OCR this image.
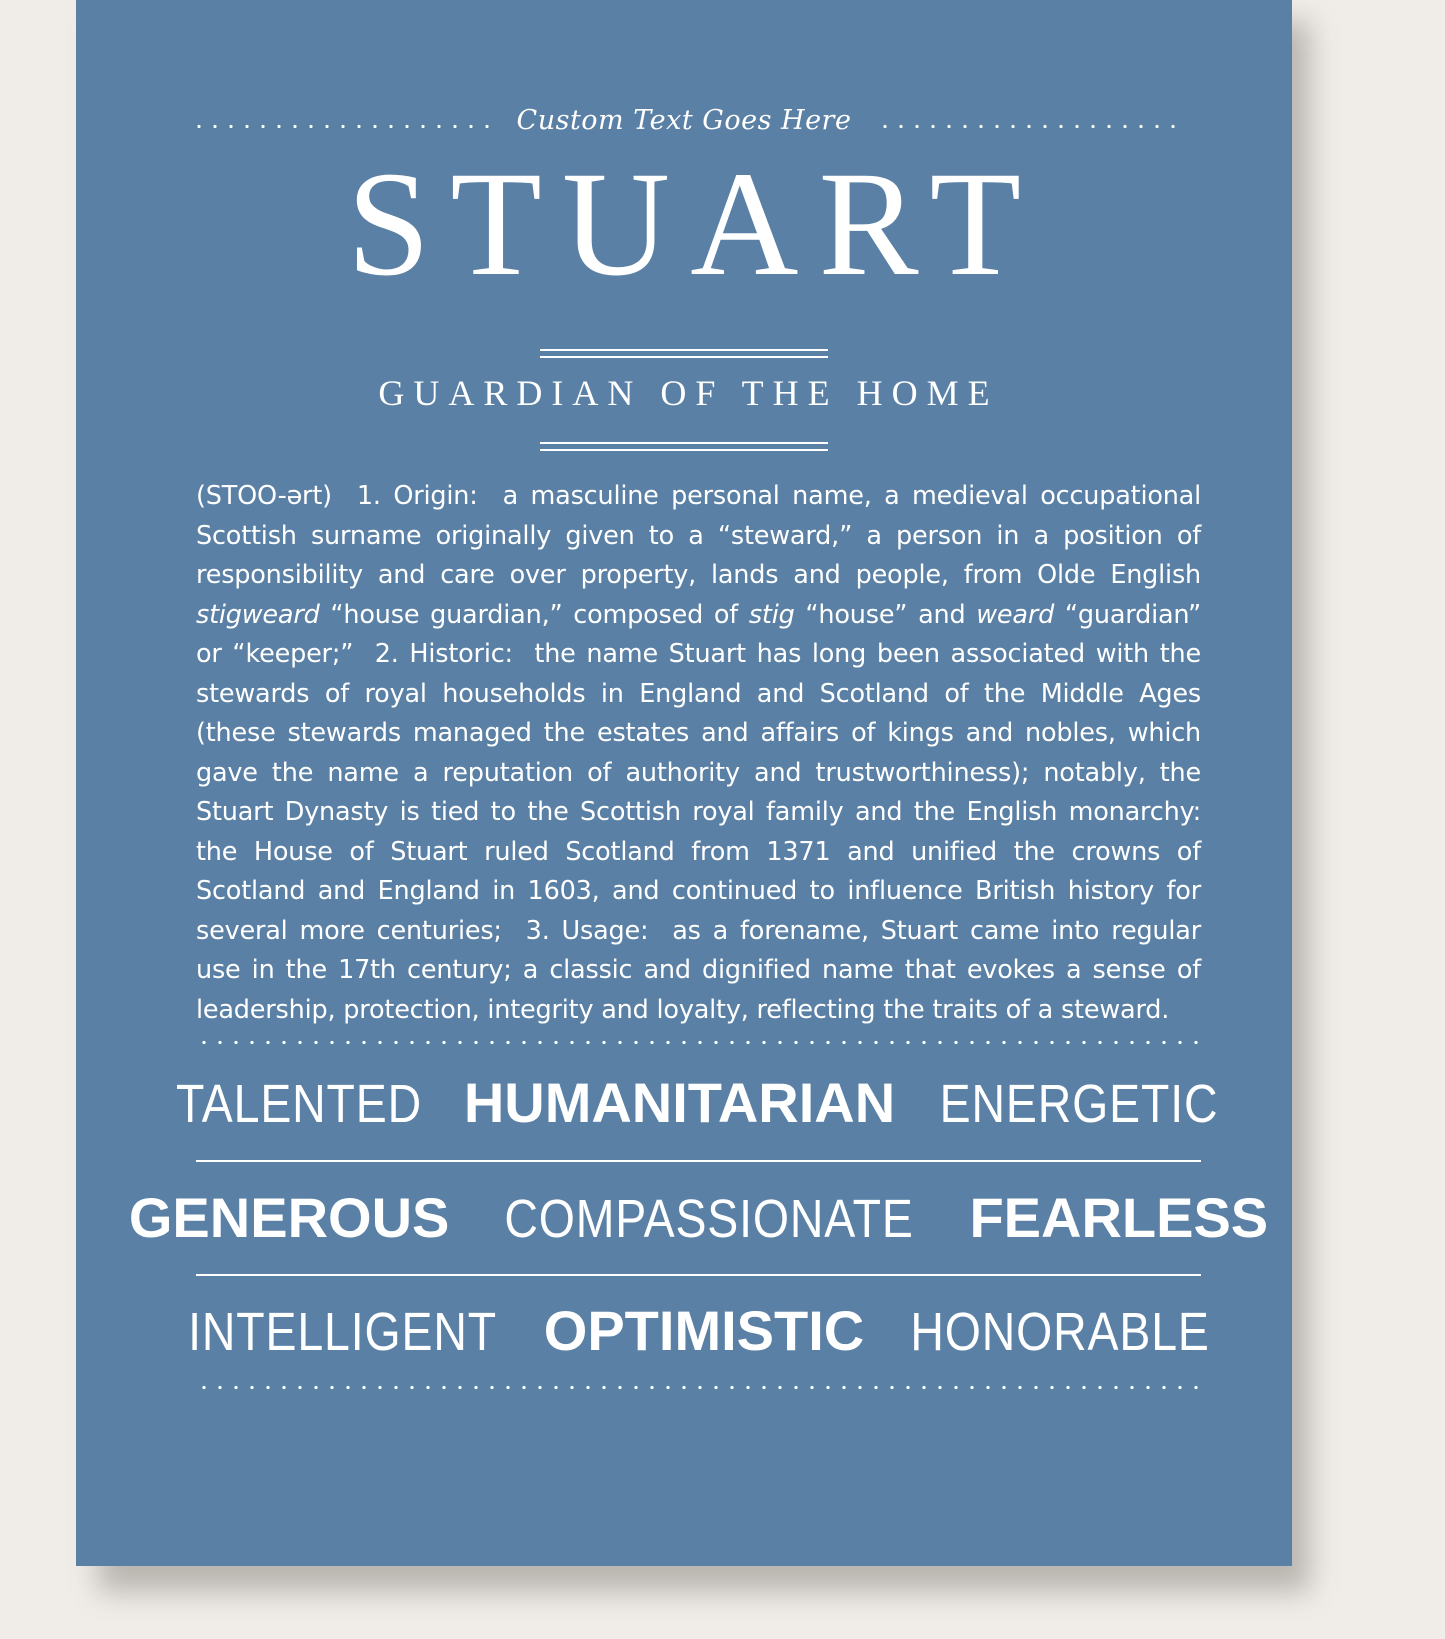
Custom Text Goes Here
STUART
GUARDIAN OF THE HOME
(STOO-ərt)  1. Origin:  a masculine personal name, a medieval occupational Scottish surname originally given to a “steward,” a person in a position of responsibility and care over property, lands and people, from Olde English stigweard “house guardian,” composed of stig “house” and weard “guardian” or “keeper;”  2. Historic:  the name Stuart has long been associated with the stewards of royal households in England and Scotland of the Middle Ages (these stewards managed the estates and affairs of kings and nobles, which gave the name a reputation of authority and trustworthiness); notably, the Stuart Dynasty is tied to the Scottish royal family and the English monarchy: the House of Stuart ruled Scotland from 1371 and unified the crowns of Scotland and England in 1603, and continued to influence British history for several more centuries;  3. Usage:  as a forename, Stuart came into regular use in the 17th century; a classic and dignified name that evokes a sense of leadership, protection, integrity and loyalty, reflecting the traits of a steward.
TALENTED HUMANITARIAN ENERGETIC
GENEROUS COMPASSIONATE FEARLESS
INTELLIGENT OPTIMISTIC HONORABLE
